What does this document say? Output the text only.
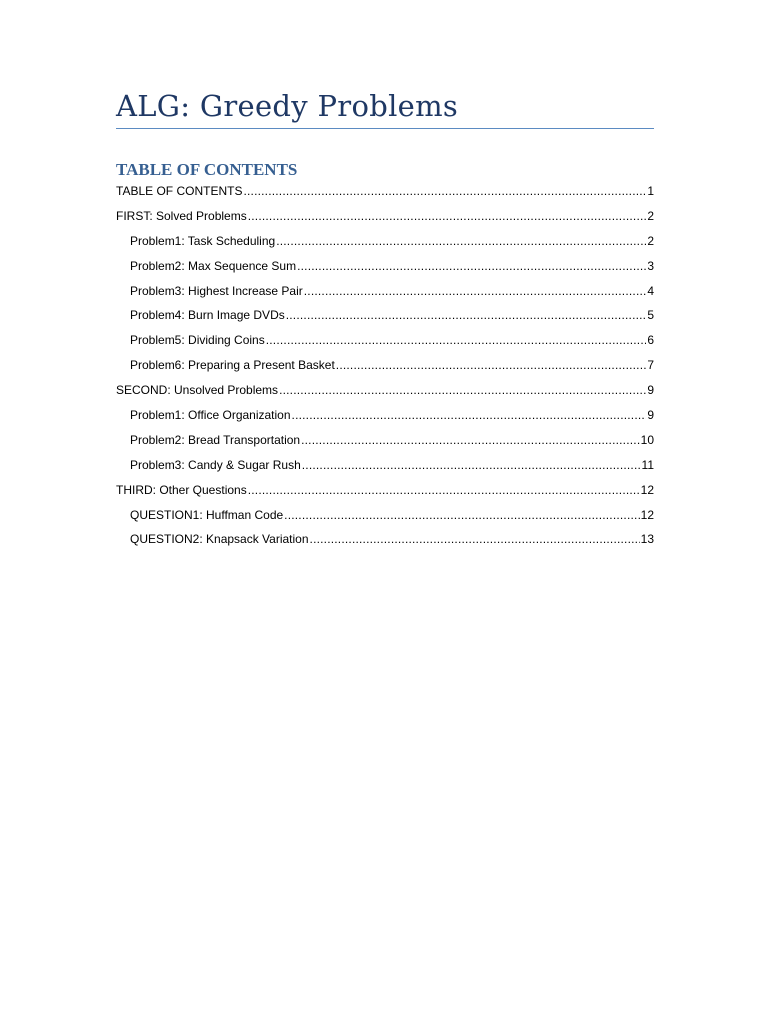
ALG: Greedy Problems
TABLE OF CONTENTS
TABLE OF CONTENTS .....	1
FIRST: Solved Problems .....	2
Problem1: Task Scheduling .....	2
Problem2: Max Sequence Sum .....	3
Problem3: Highest Increase Pair .....	4
Problem4: Burn Image DVDs .....	5
Problem5: Dividing Coins .....	6
Problem6: Preparing a Present Basket .....	7
SECOND: Unsolved Problems .....	9
Problem1: Office Organization .....	9
Problem2: Bread Transportation .....	10
Problem3: Candy & Sugar Rush .....	11
THIRD: Other Questions .....	12
QUESTION1: Huffman Code .....	12
QUESTION2: Knapsack Variation .....	13
